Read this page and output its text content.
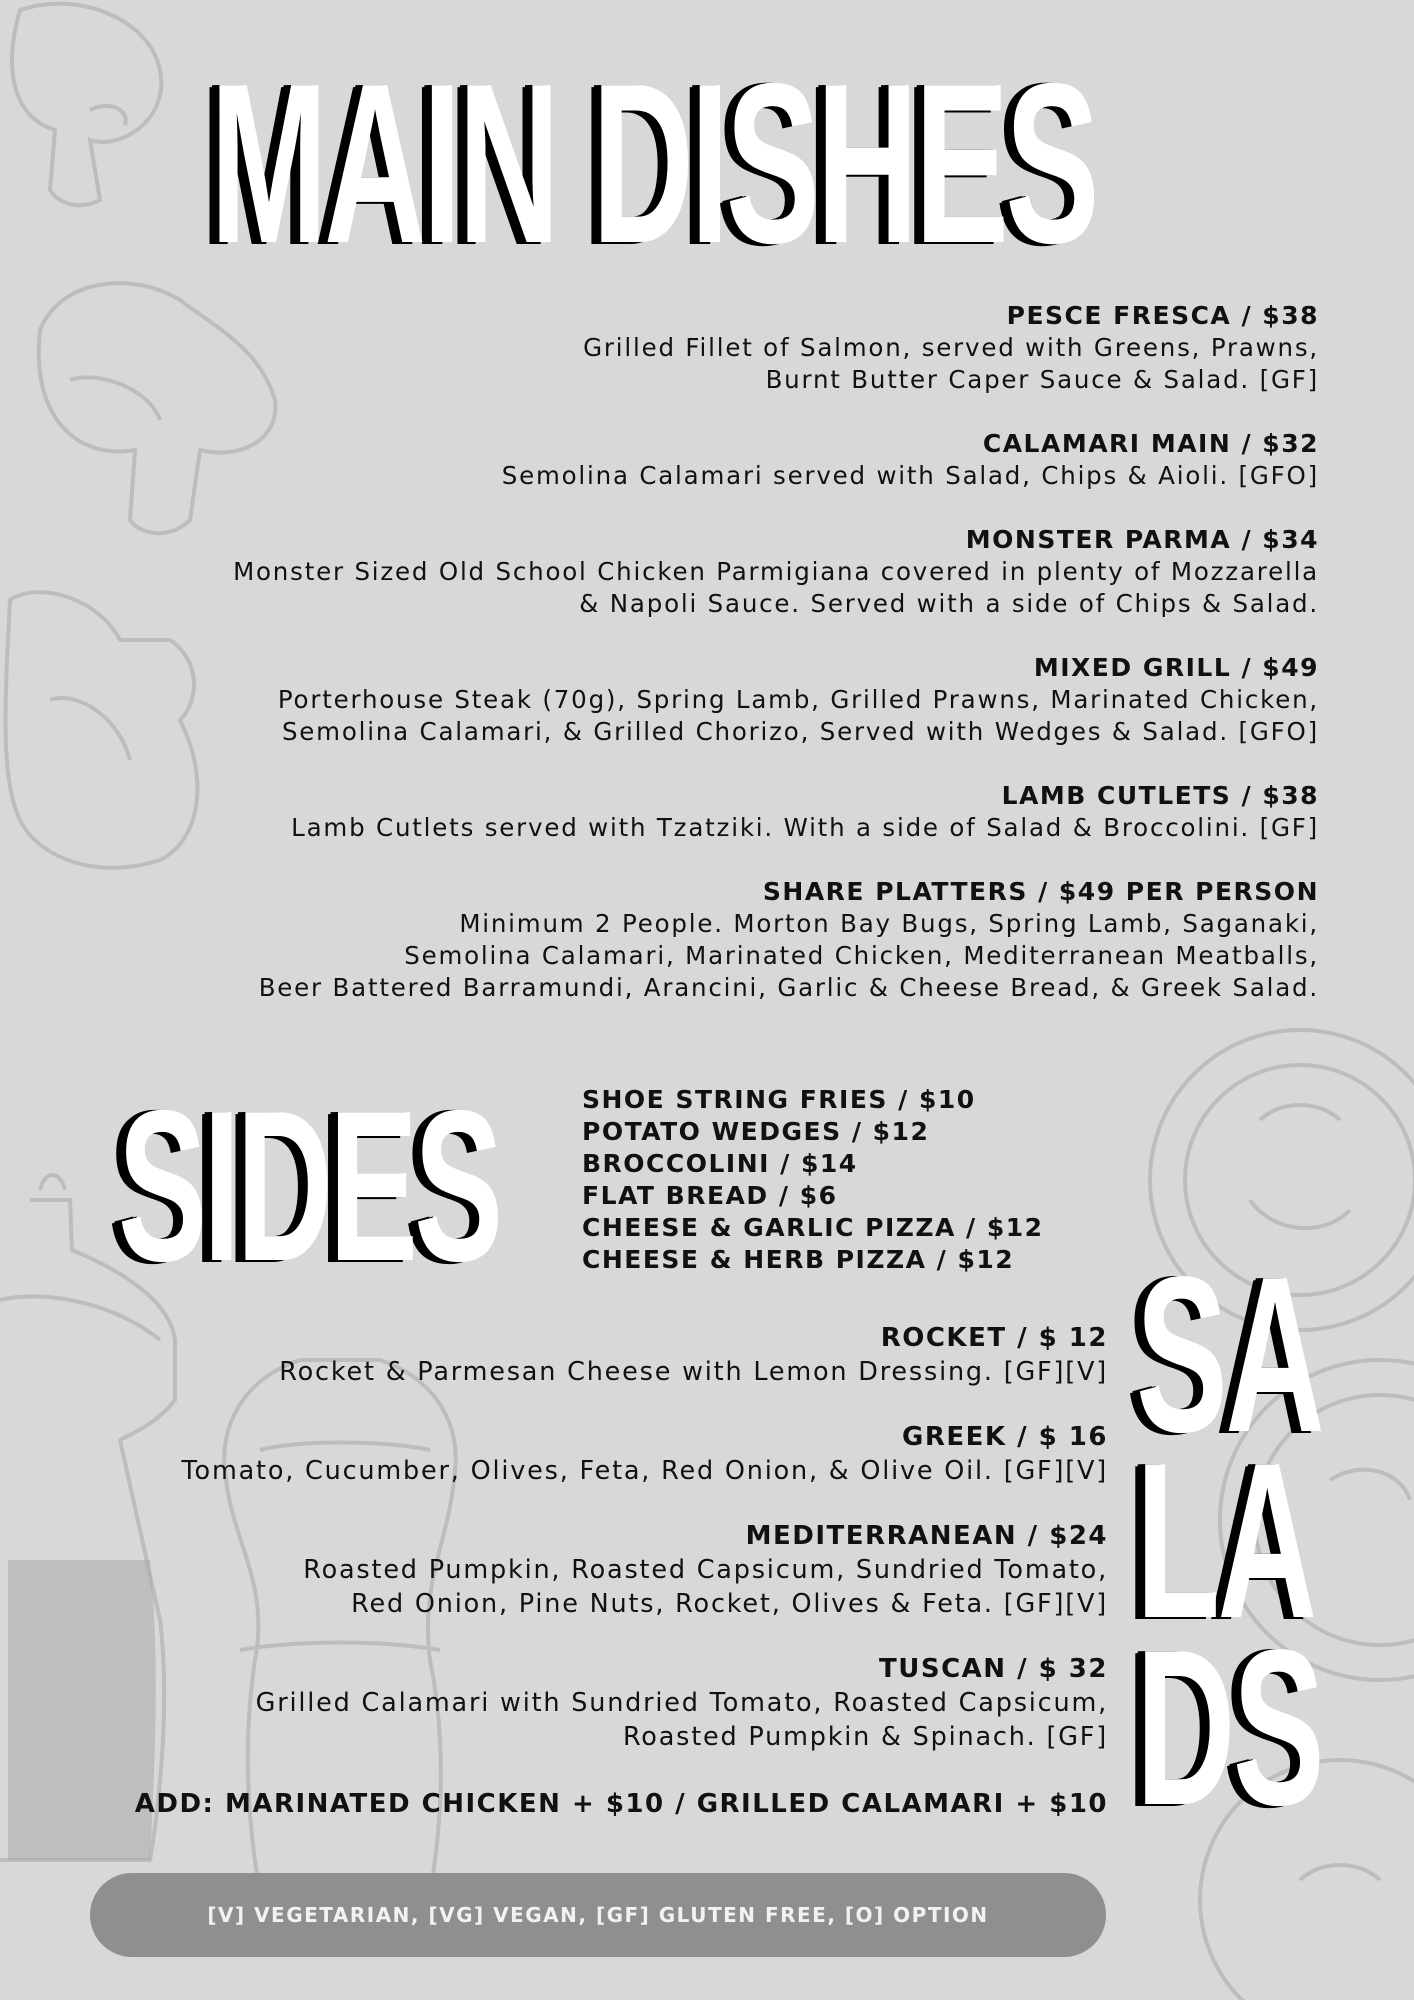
MAIN DISHES
SIDES
SA
LA
DS
PESCE FRESCA / $38
Grilled Fillet of Salmon, served with Greens, Prawns,
Burnt Butter Caper Sauce & Salad. [GF]
CALAMARI MAIN / $32
Semolina Calamari served with Salad, Chips & Aioli. [GFO]
MONSTER PARMA / $34
Monster Sized Old School Chicken Parmigiana covered in plenty of Mozzarella
& Napoli Sauce. Served with a side of Chips & Salad.
MIXED GRILL / $49
Porterhouse Steak (70g), Spring Lamb, Grilled Prawns, Marinated Chicken,
Semolina Calamari, & Grilled Chorizo, Served with Wedges & Salad. [GFO]
LAMB CUTLETS / $38
Lamb Cutlets served with Tzatziki. With a side of Salad & Broccolini. [GF]
SHARE PLATTERS / $49 PER PERSON
Minimum 2 People. Morton Bay Bugs, Spring Lamb, Saganaki,
Semolina Calamari, Marinated Chicken, Mediterranean Meatballs,
Beer Battered Barramundi, Arancini, Garlic & Cheese Bread, & Greek Salad.
SHOE STRING FRIES / $10
POTATO WEDGES / $12
BROCCOLINI / $14
FLAT BREAD / $6
CHEESE & GARLIC PIZZA / $12
CHEESE & HERB PIZZA / $12
ROCKET / $ 12
Rocket & Parmesan Cheese with Lemon Dressing. [GF][V]
GREEK / $ 16
Tomato, Cucumber, Olives, Feta, Red Onion, & Olive Oil. [GF][V]
MEDITERRANEAN / $24
Roasted Pumpkin, Roasted Capsicum, Sundried Tomato,
Red Onion, Pine Nuts, Rocket, Olives & Feta. [GF][V]
TUSCAN / $ 32
Grilled Calamari with Sundried Tomato, Roasted Capsicum,
Roasted Pumpkin & Spinach. [GF]
ADD: MARINATED CHICKEN + $10 / GRILLED CALAMARI + $10
[V] VEGETARIAN, [VG] VEGAN, [GF] GLUTEN FREE, [O] OPTION
